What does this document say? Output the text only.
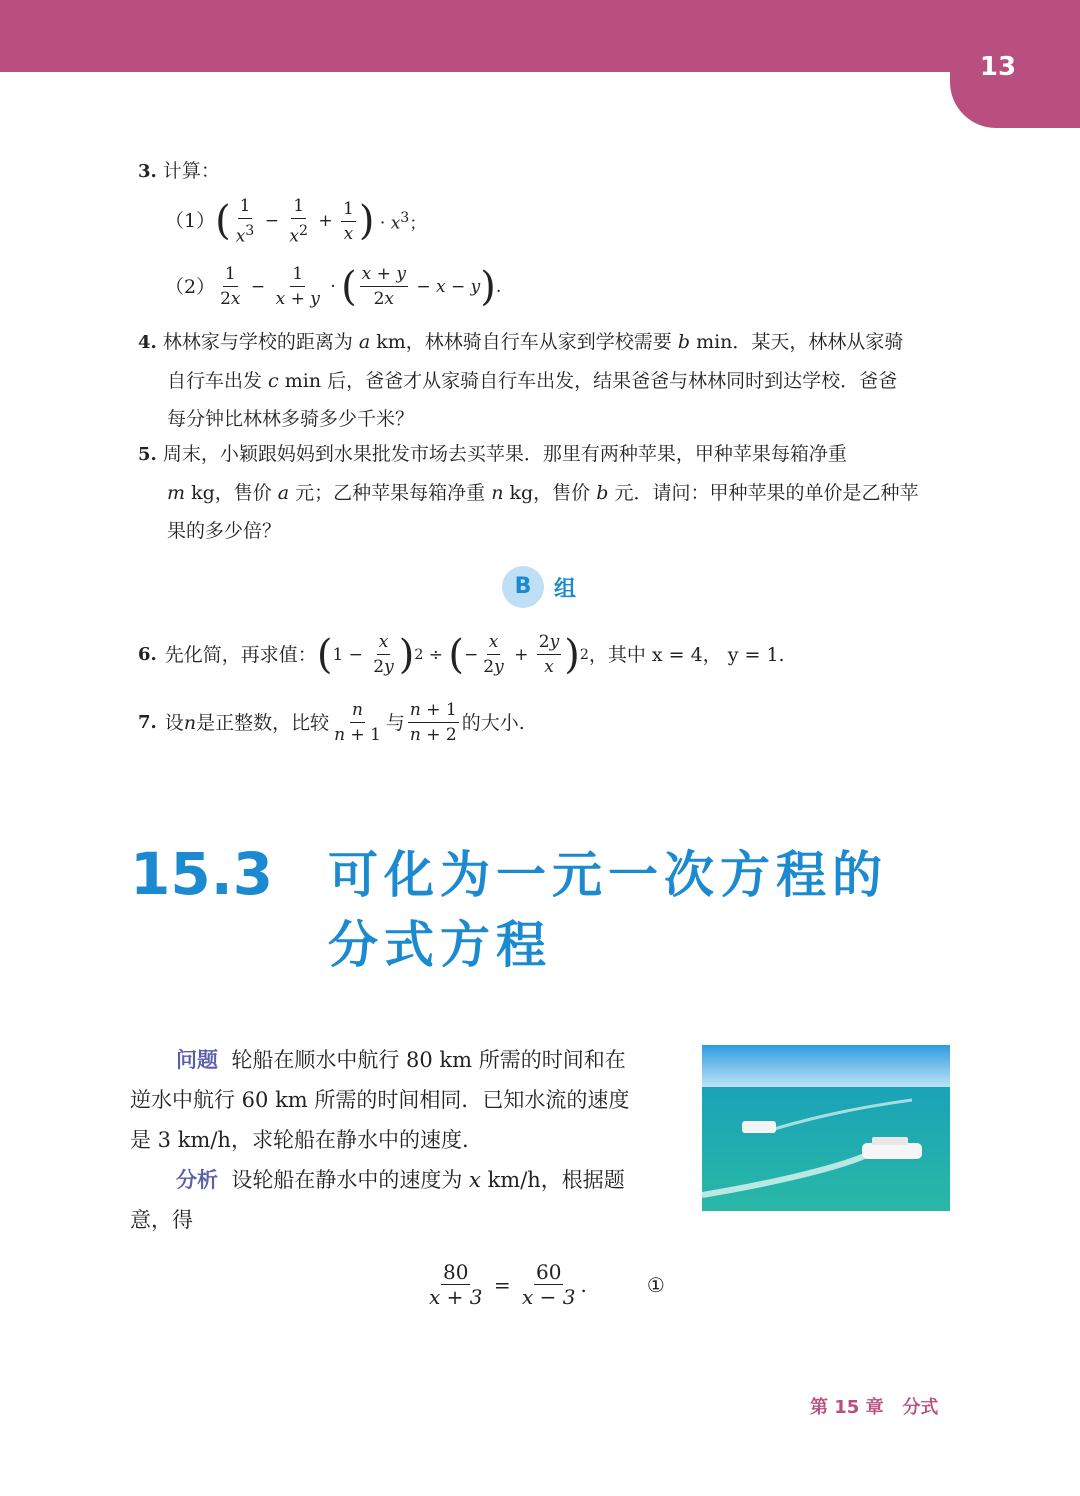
13
3. 计算：
（1） ( $\frac{1}{x^3} - \frac{1}{x^2} + \frac{1}{x}$ ) · $x^3$ ；
$(2) \frac{1}{2x} - \frac{1}{x + y}$ · ( $\frac{x + y}{2x} - x - y$ ) .
4. 林林家与学校的距离为 a km，林林骑自行车从家到学校需要 b min．某天，林林从家骑
自行车出发 c min 后，爸爸才从家骑自行车出发，结果爸爸与林林同时到达学校．爸爸
每分钟比林林多骑多少千米？
5. 周末，小颖跟妈妈到水果批发市场去买苹果．那里有两种苹果，甲种苹果每箱净重
m kg，售价 a 元；乙种苹果每箱净重 n kg，售价 b 元．请问：甲种苹果的单价是乙种苹
果的多少倍？
B	组
6. 先化简，再求值： ( $1 - \frac{x}{2y}$ ) 2 ÷ ( − $\frac{x}{2y} + \frac{2y}{x}$ ) 2 ，其中 x = 4， y = 1.
7. 设 n 是正整数，比较 $\frac{n}{n + 1}$ 与 $\frac{n + 1}{n + 2}$ 的大小.
15.3 可化为一元一次方程的
分式方程
问题 轮船在顺水中航行 80 km 所需的时间和在
逆水中航行 60 km 所需的时间相同．已知水流的速度
是 3 km/h，求轮船在静水中的速度.
分析 设轮船在静水中的速度为 x km/h，根据题
意，得
$\frac{80}{x + 3} = \frac{60}{x - 3}$ .	①
第 15 章 分式
